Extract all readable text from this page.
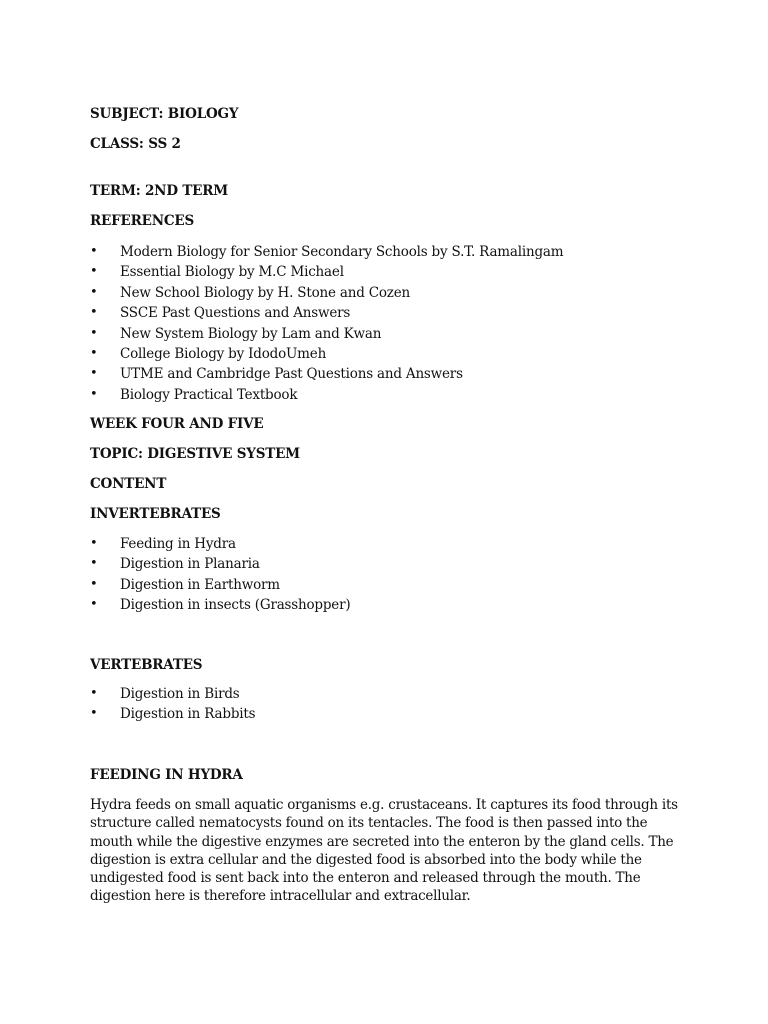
SUBJECT: BIOLOGY
CLASS: SS 2
TERM: 2ND TERM
REFERENCES
• Modern Biology for Senior Secondary Schools by S.T. Ramalingam
• Essential Biology by M.C Michael
• New School Biology by H. Stone and Cozen
• SSCE Past Questions and Answers
• New System Biology by Lam and Kwan
• College Biology by IdodoUmeh
• UTME and Cambridge Past Questions and Answers
• Biology Practical Textbook
WEEK FOUR AND FIVE
TOPIC: DIGESTIVE SYSTEM
CONTENT
INVERTEBRATES
• Feeding in Hydra
• Digestion in Planaria
• Digestion in Earthworm
• Digestion in insects (Grasshopper)
VERTEBRATES
• Digestion in Birds
• Digestion in Rabbits
FEEDING IN HYDRA
Hydra feeds on small aquatic organisms e.g. crustaceans. It captures its food through its structure called nematocysts found on its tentacles. The food is then passed into the mouth while the digestive enzymes are secreted into the enteron by the gland cells. The digestion is extra cellular and the digested food is absorbed into the body while the undigested food is sent back into the enteron and released through the mouth. The digestion here is therefore intracellular and extracellular.
